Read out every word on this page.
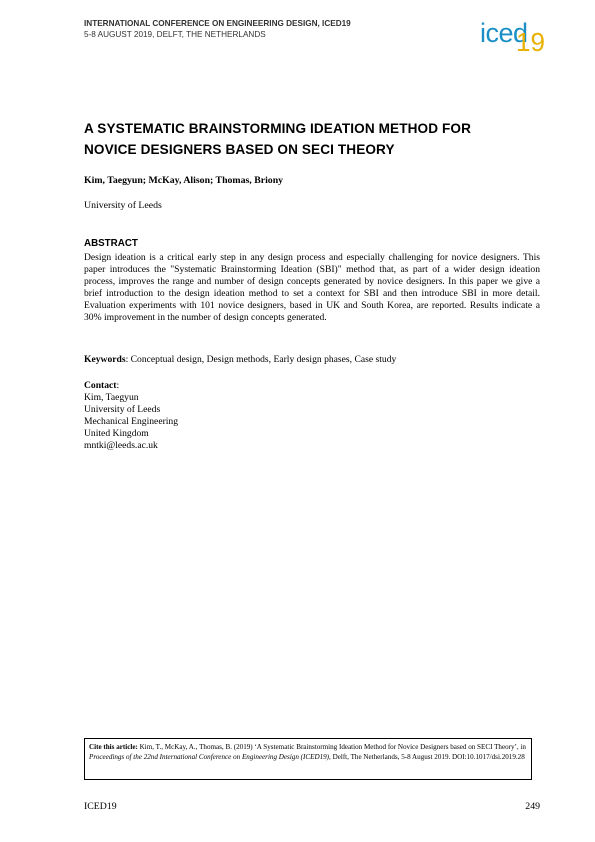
INTERNATIONAL CONFERENCE ON ENGINEERING DESIGN, ICED19
5-8 AUGUST 2019, DELFT, THE NETHERLANDS	iced
19
A SYSTEMATIC BRAINSTORMING IDEATION METHOD FOR
NOVICE DESIGNERS BASED ON SECI THEORY
Kim, Taegyun; McKay, Alison; Thomas, Briony
University of Leeds
ABSTRACT

Design ideation is a critical early step in any design process and especially challenging for novice designers. This paper introduces the "Systematic Brainstorming Ideation (SBI)" method that, as part of a wider design ideation process, improves the range and number of design concepts generated by novice designers. In this paper we give a brief introduction to the design ideation method to set a context for SBI and then introduce SBI in more detail. Evaluation experiments with 101 novice designers, based in UK and South Korea, are reported. Results indicate a 30% improvement in the number of design concepts generated.

Keywords: Conceptual design, Design methods, Early design phases, Case study
Contact:
Kim, Taegyun
University of Leeds
Mechanical Engineering
United Kingdom
mntki@leeds.ac.uk
Cite this article: Kim, T., McKay, A., Thomas, B. (2019) ‘A Systematic Brainstorming Ideation Method for Novice Designers based on SECI Theory’, in Proceedings of the 22nd International Conference on Engineering Design (ICED19), Delft, The Netherlands, 5-8 August 2019. DOI:10.1017/dsi.2019.28
ICED19	249
